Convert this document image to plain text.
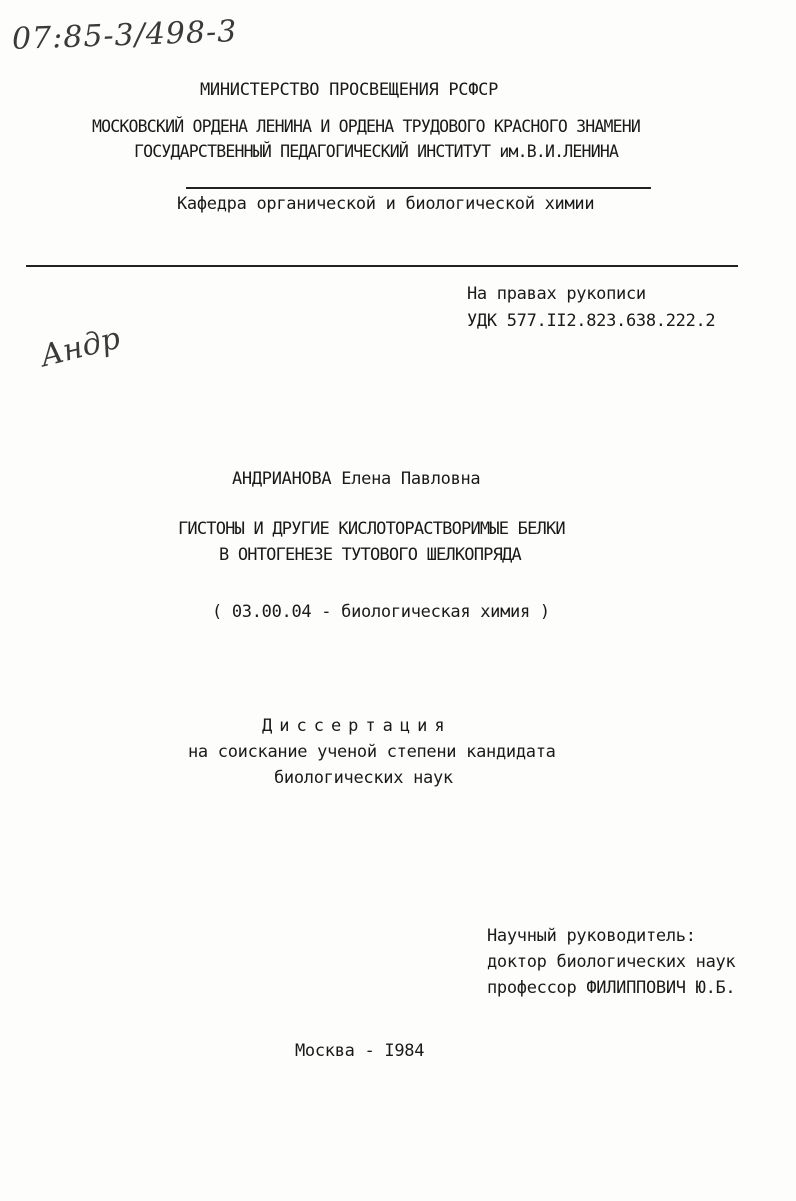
07:85-3/498-3
МИНИСТЕРСТВО ПРОСВЕЩЕНИЯ РСФСР
МОСКОВСКИЙ ОРДЕНА ЛЕНИНА И ОРДЕНА ТРУДОВОГО КРАСНОГО ЗНАМЕНИ
ГОСУДАРСТВЕННЫЙ ПЕДАГОГИЧЕСКИЙ ИНСТИТУТ им.В.И.ЛЕНИНА
Кафедра органической и биологической химии
На правах рукописи
УДК 577.II2.823.638.222.2
Андр
АНДРИАНОВА Елена Павловна
ГИСТОНЫ И ДРУГИЕ КИСЛОТОРАСТВОРИМЫЕ БЕЛКИ
В ОНТОГЕНЕЗЕ ТУТОВОГО ШЕЛКОПРЯДА
( 03.00.04 - биологическая химия )
Диссертация
на соискание ученой степени кандидата
биологических наук
Научный руководитель:
доктор биологических наук
профессор ФИЛИППОВИЧ Ю.Б.
Москва - I984
